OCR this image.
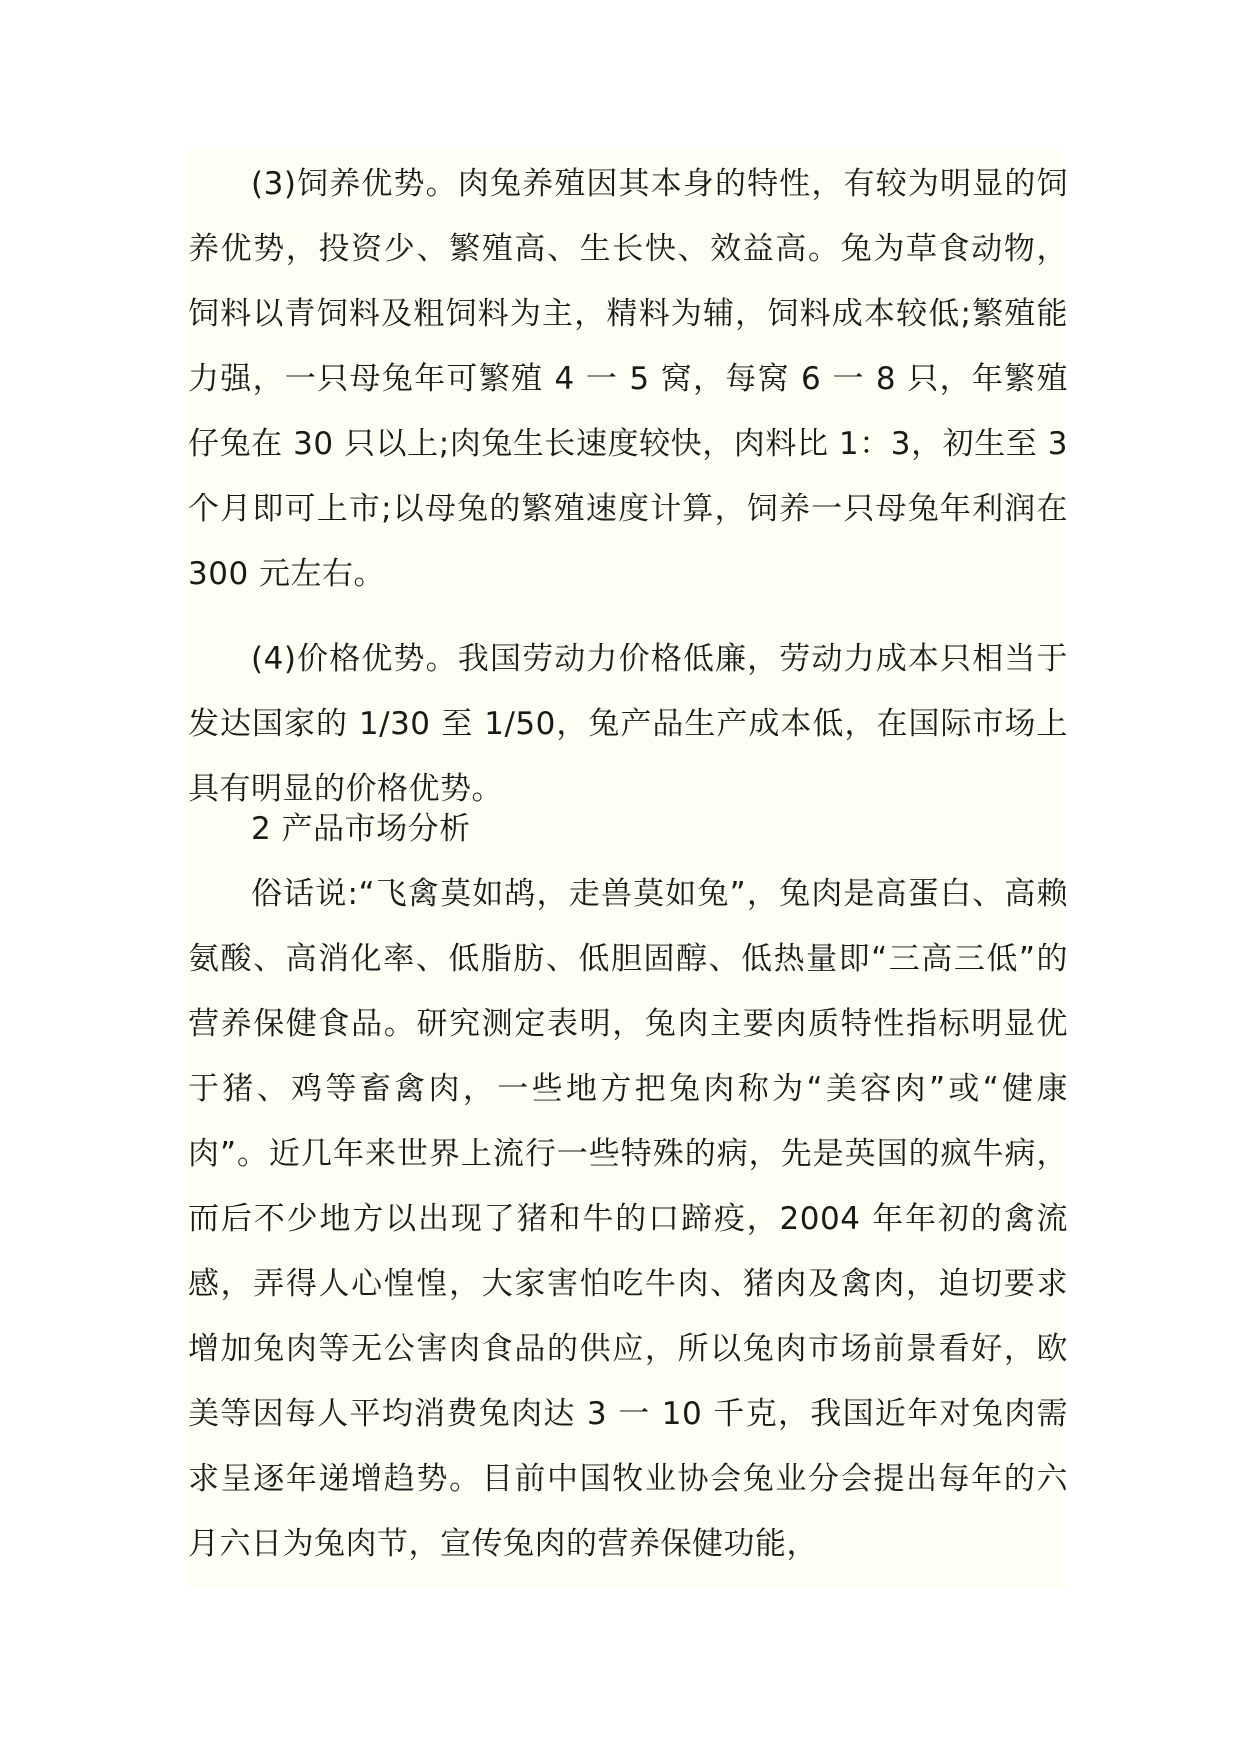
(3)饲养优势。肉兔养殖因其本身的特性，有较为明显的饲养优势，投资少、繁殖高、生长快、效益高。兔为草食动物，饲料以青饲料及粗饲料为主，精料为辅，饲料成本较低;繁殖能力强，一只母兔年可繁殖 4 一 5 窝，每窝 6 一 8 只，年繁殖仔兔在 30 只以上;肉兔生长速度较快，肉料比 1：3，初生至 3 个月即可上市;以母兔的繁殖速度计算，饲养一只母兔年利润在 300 元左右。

(4)价格优势。我国劳动力价格低廉，劳动力成本只相当于发达国家的 1/30 至 1/50，兔产品生产成本低，在国际市场上具有明显的价格优势。

2 产品市场分析

俗话说:“飞禽莫如鸪，走兽莫如兔”，兔肉是高蛋白、高赖氨酸、高消化率、低脂肪、低胆固醇、低热量即“三高三低”的营养保健食品。研究测定表明，兔肉主要肉质特性指标明显优于猪、鸡等畜禽肉，一些地方把兔肉称为“美容肉”或“健康肉”。近几年来世界上流行一些特殊的病，先是英国的疯牛病，而后不少地方以出现了猪和牛的口蹄疫，2004 年年初的禽流感，弄得人心惶惶，大家害怕吃牛肉、猪肉及禽肉，迫切要求增加兔肉等无公害肉食品的供应，所以兔肉市场前景看好，欧美等因每人平均消费兔肉达 3 一 10 千克，我国近年对兔肉需求呈逐年递增趋势。目前中国牧业协会兔业分会提出每年的六月六日为兔肉节，宣传兔肉的营养保健功能，
